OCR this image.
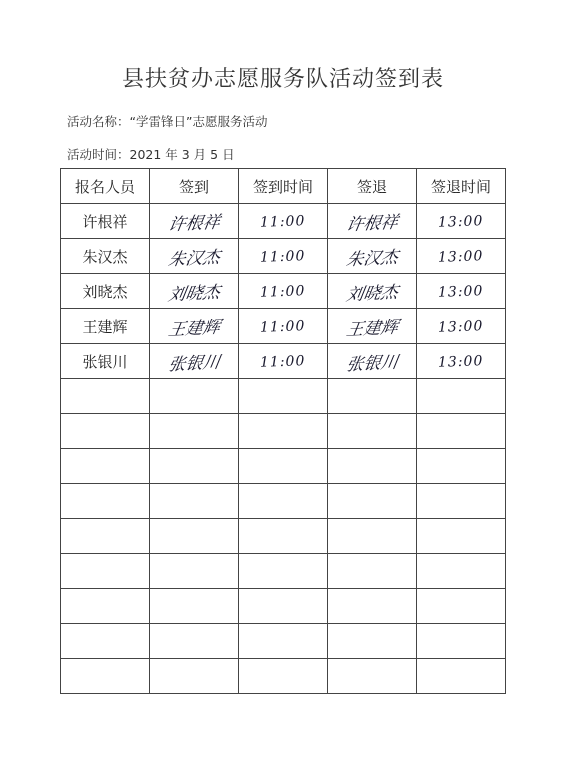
县扶贫办志愿服务队活动签到表
活动名称：“学雷锋日”志愿服务活动
活动时间：2021 年 3 月 5 日
报名人员	签到	签到时间	签退	签退时间
许根祥	许根祥	11:00	许根祥	13:00
朱汉杰	朱汉杰	11:00	朱汉杰	13:00
刘晓杰	刘晓杰	11:00	刘晓杰	13:00
王建辉	王建辉	11:00	王建辉	13:00
张银川	张银川	11:00	张银川	13:00
